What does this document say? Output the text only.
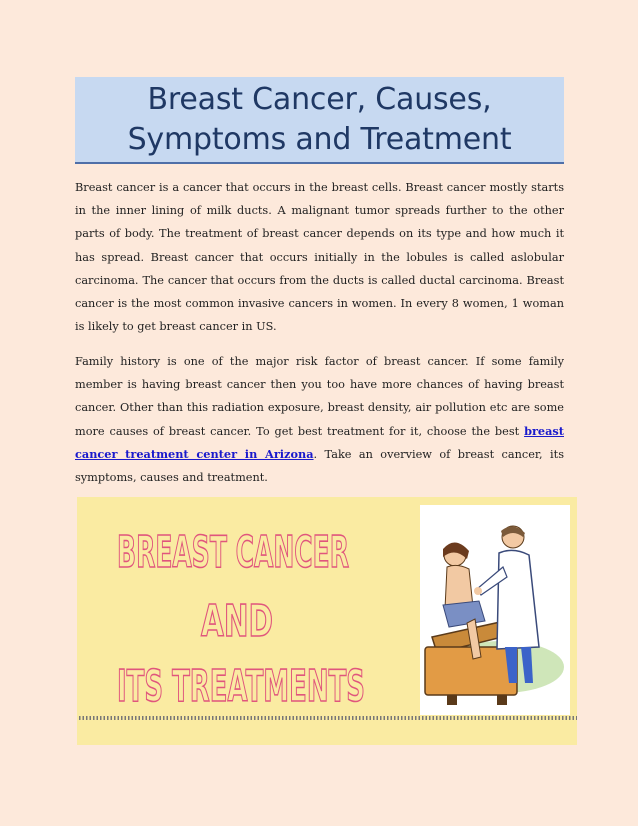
Breast Cancer, Causes,
Symptoms and Treatment

Breast cancer is a cancer that occurs in the breast cells. Breast cancer mostly starts in the inner lining of milk ducts. A malignant tumor spreads further to the other parts of body. The treatment of breast cancer depends on its type and how much it has spread. Breast cancer that occurs initially in the lobules is called aslobular carcinoma. The cancer that occurs from the ducts is called ductal carcinoma. Breast cancer is the most common invasive cancers in women. In every 8 women, 1 woman is likely to get breast cancer in US.

Family history is one of the major risk factor of breast cancer. If some family member is having breast cancer then you too have more chances of having breast cancer. Other than this radiation exposure, breast density, air pollution etc are some more causes of breast cancer. To get best treatment for it, choose the best breast cancer treatment center in Arizona. Take an overview of breast cancer, its symptoms, causes and treatment.

BREAST CANCER
AND
ITS TREATMENTS
